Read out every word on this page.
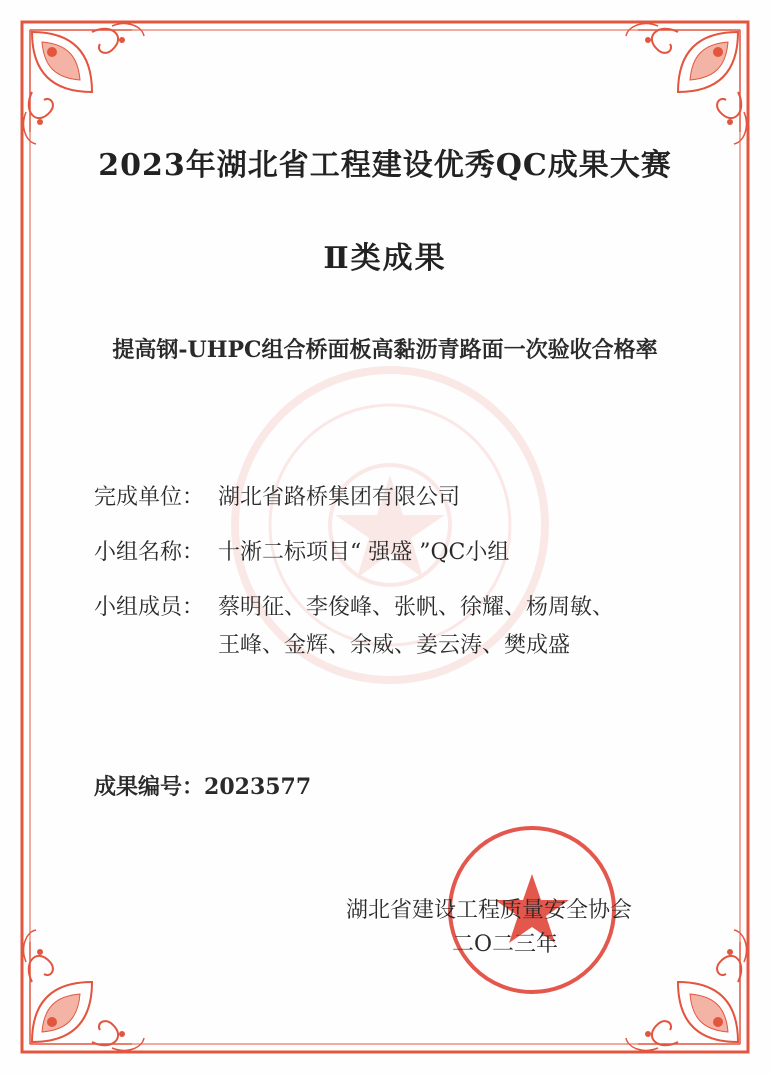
2023年湖北省工程建设优秀QC成果大赛
Ⅱ类成果
提高钢-UHPC组合桥面板高黏沥青路面一次验收合格率
完成单位： 湖北省路桥集团有限公司
小组名称： 十淅二标项目“ 强盛 ”QC小组
小组成员： 蔡明征、李俊峰、张帆、徐耀、杨周敏、
王峰、金辉、余威、姜云涛、樊成盛
成果编号：2023577
湖北省建设工程质量安全协会
二O二三年
